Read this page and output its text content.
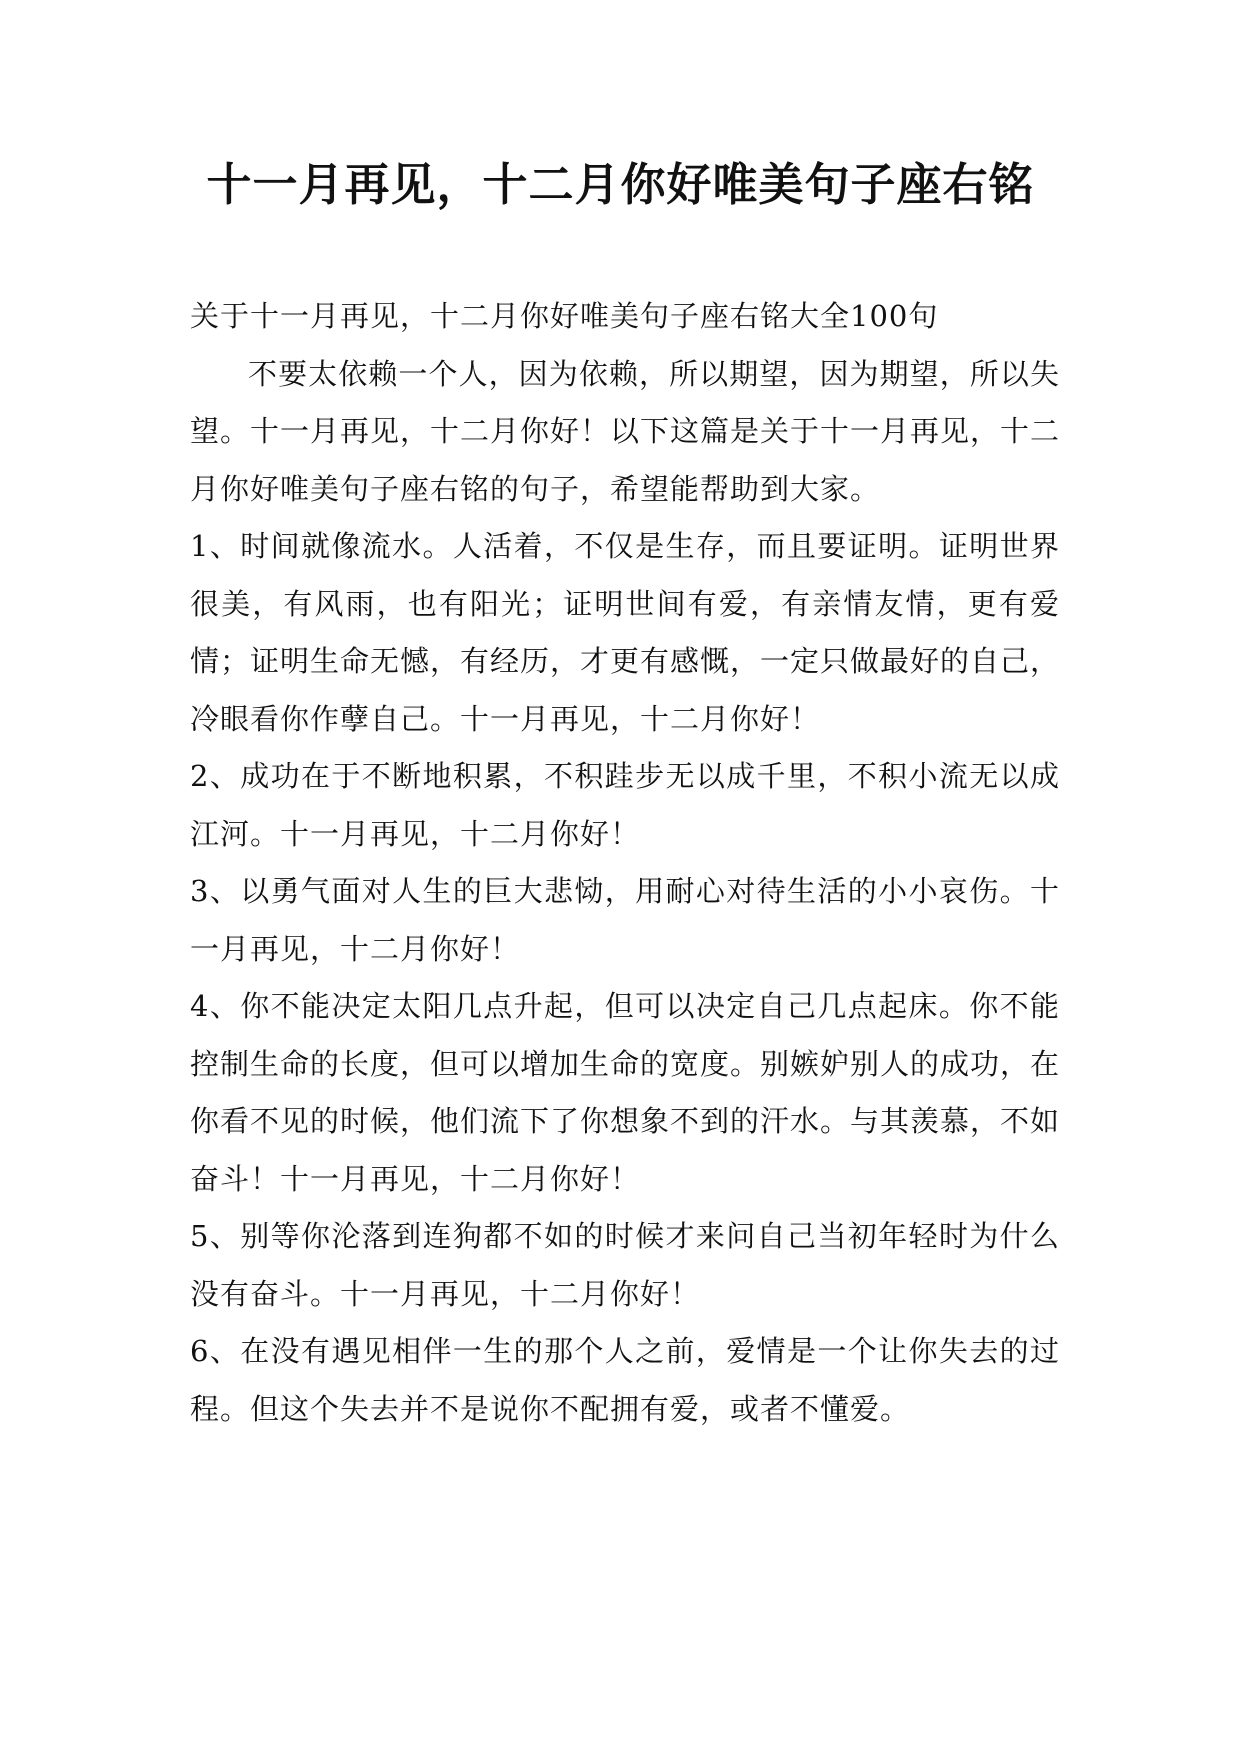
十一月再见，十二月你好唯美句子座右铭

关于十一月再见，十二月你好唯美句子座右铭大全100句

不要太依赖一个人，因为依赖，所以期望，因为期望，所以失望。十一月再见，十二月你好！以下这篇是关于十一月再见，十二月你好唯美句子座右铭的句子，希望能帮助到大家。

1、时间就像流水。人活着，不仅是生存，而且要证明。证明世界很美，有风雨，也有阳光；证明世间有爱，有亲情友情，更有爱情；证明生命无憾，有经历，才更有感慨，一定只做最好的自己，冷眼看你作孽自己。十一月再见，十二月你好！

2、成功在于不断地积累，不积跬步无以成千里，不积小流无以成江河。十一月再见，十二月你好！

3、以勇气面对人生的巨大悲恸，用耐心对待生活的小小哀伤。十一月再见，十二月你好！

4、你不能决定太阳几点升起，但可以决定自己几点起床。你不能控制生命的长度，但可以增加生命的宽度。别嫉妒别人的成功，在你看不见的时候，他们流下了你想象不到的汗水。与其羡慕，不如奋斗！十一月再见，十二月你好！

5、别等你沦落到连狗都不如的时候才来问自己当初年轻时为什么没有奋斗。十一月再见，十二月你好！

6、在没有遇见相伴一生的那个人之前，爱情是一个让你失去的过程。但这个失去并不是说你不配拥有爱，或者不懂爱。
